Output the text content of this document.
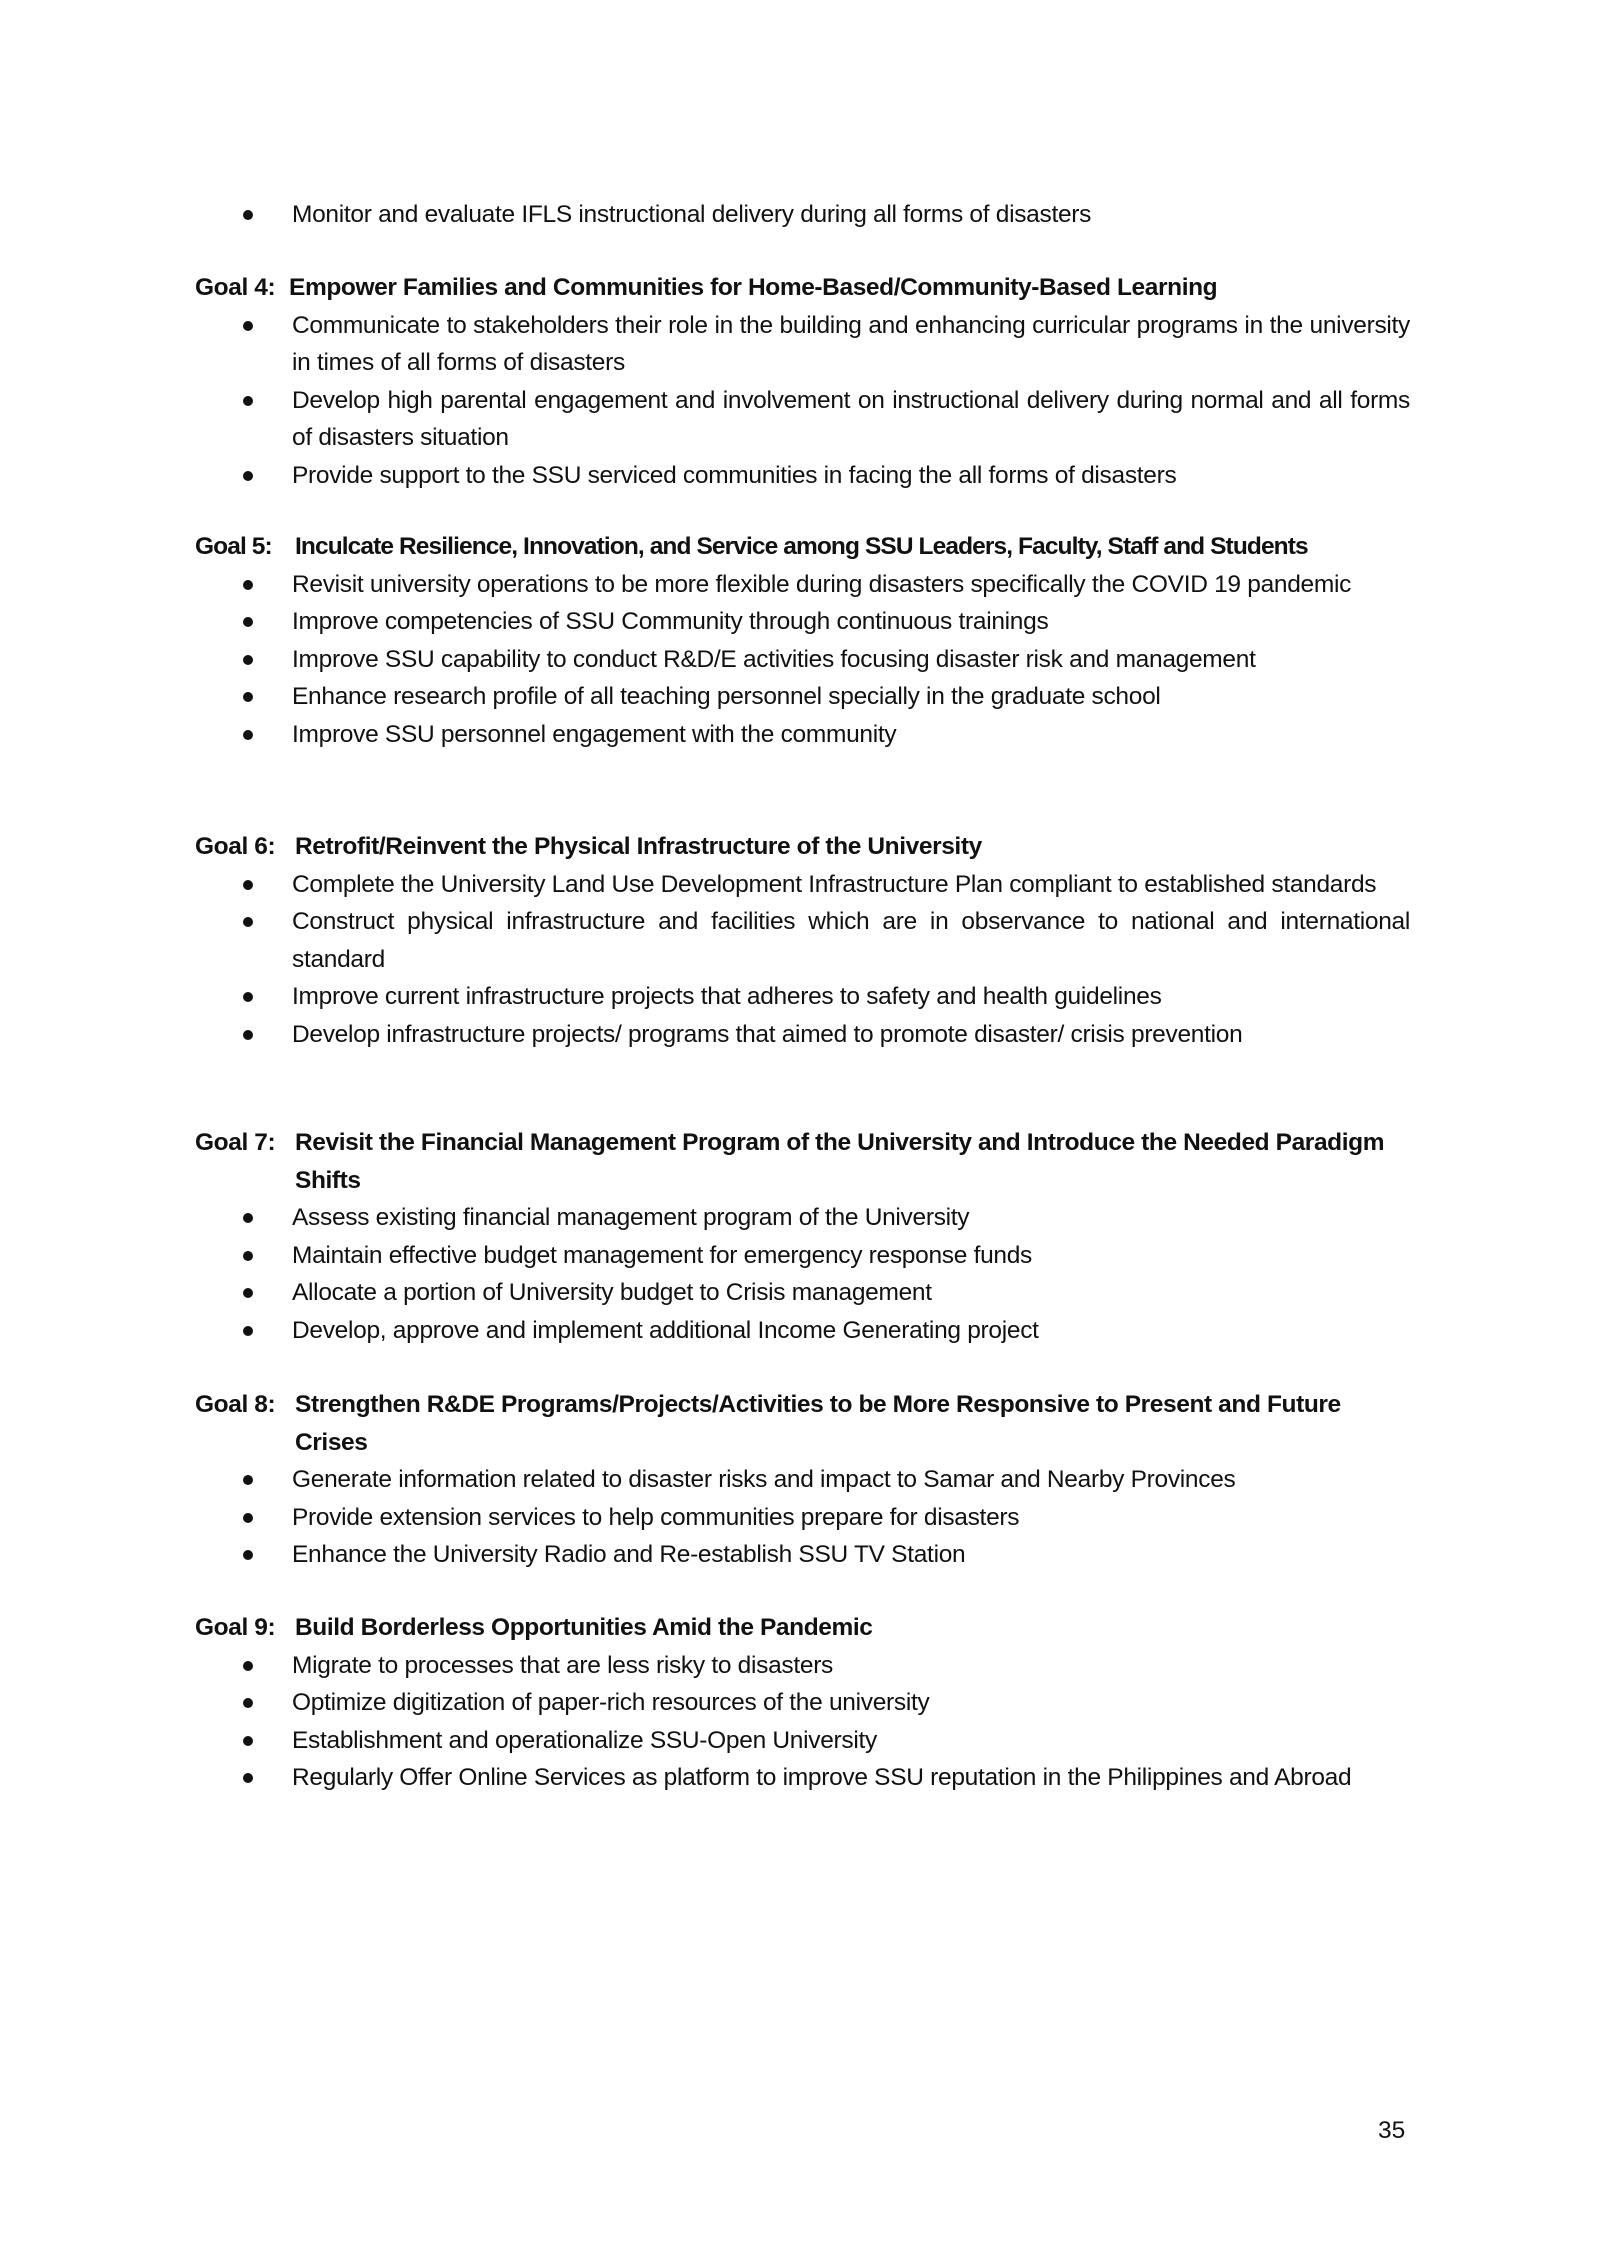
Monitor and evaluate IFLS instructional delivery during all forms of disasters
Goal 4: Empower Families and Communities for Home-Based/Community-Based Learning
Communicate to stakeholders their role in the building and enhancing curricular programs in the university in times of all forms of disasters
Develop high parental engagement and involvement on instructional delivery during normal and all forms of disasters situation
Provide support to the SSU serviced communities in facing the all forms of disasters
Goal 5: Inculcate Resilience, Innovation, and Service among SSU Leaders, Faculty, Staff and Students
Revisit university operations to be more flexible during disasters specifically the COVID 19 pandemic
Improve competencies of SSU Community through continuous trainings
Improve SSU capability to conduct R&D/E activities focusing disaster risk and management
Enhance research profile of all teaching personnel specially in the graduate school
Improve SSU personnel engagement with the community
Goal 6: Retrofit/Reinvent the Physical Infrastructure of the University
Complete the University Land Use Development Infrastructure Plan compliant to established standards
Construct physical infrastructure and facilities which are in observance to national and international standard
Improve current infrastructure projects that adheres to safety and health guidelines
Develop infrastructure projects/ programs that aimed to promote disaster/ crisis prevention
Goal 7: Revisit the Financial Management Program of the University and Introduce the Needed Paradigm Shifts
Assess existing financial management program of the University
Maintain effective budget management for emergency response funds
Allocate a portion of University budget to Crisis management
Develop, approve and implement additional Income Generating project
Goal 8: Strengthen R&DE Programs/Projects/Activities to be More Responsive to Present and Future Crises
Generate information related to disaster risks and impact to Samar and Nearby Provinces
Provide extension services to help communities prepare for disasters
Enhance the University Radio and Re-establish SSU TV Station
Goal 9: Build Borderless Opportunities Amid the Pandemic
Migrate to processes that are less risky to disasters
Optimize digitization of paper-rich resources of the university
Establishment and operationalize SSU-Open University
Regularly Offer Online Services as platform to improve SSU reputation in the Philippines and Abroad
35
